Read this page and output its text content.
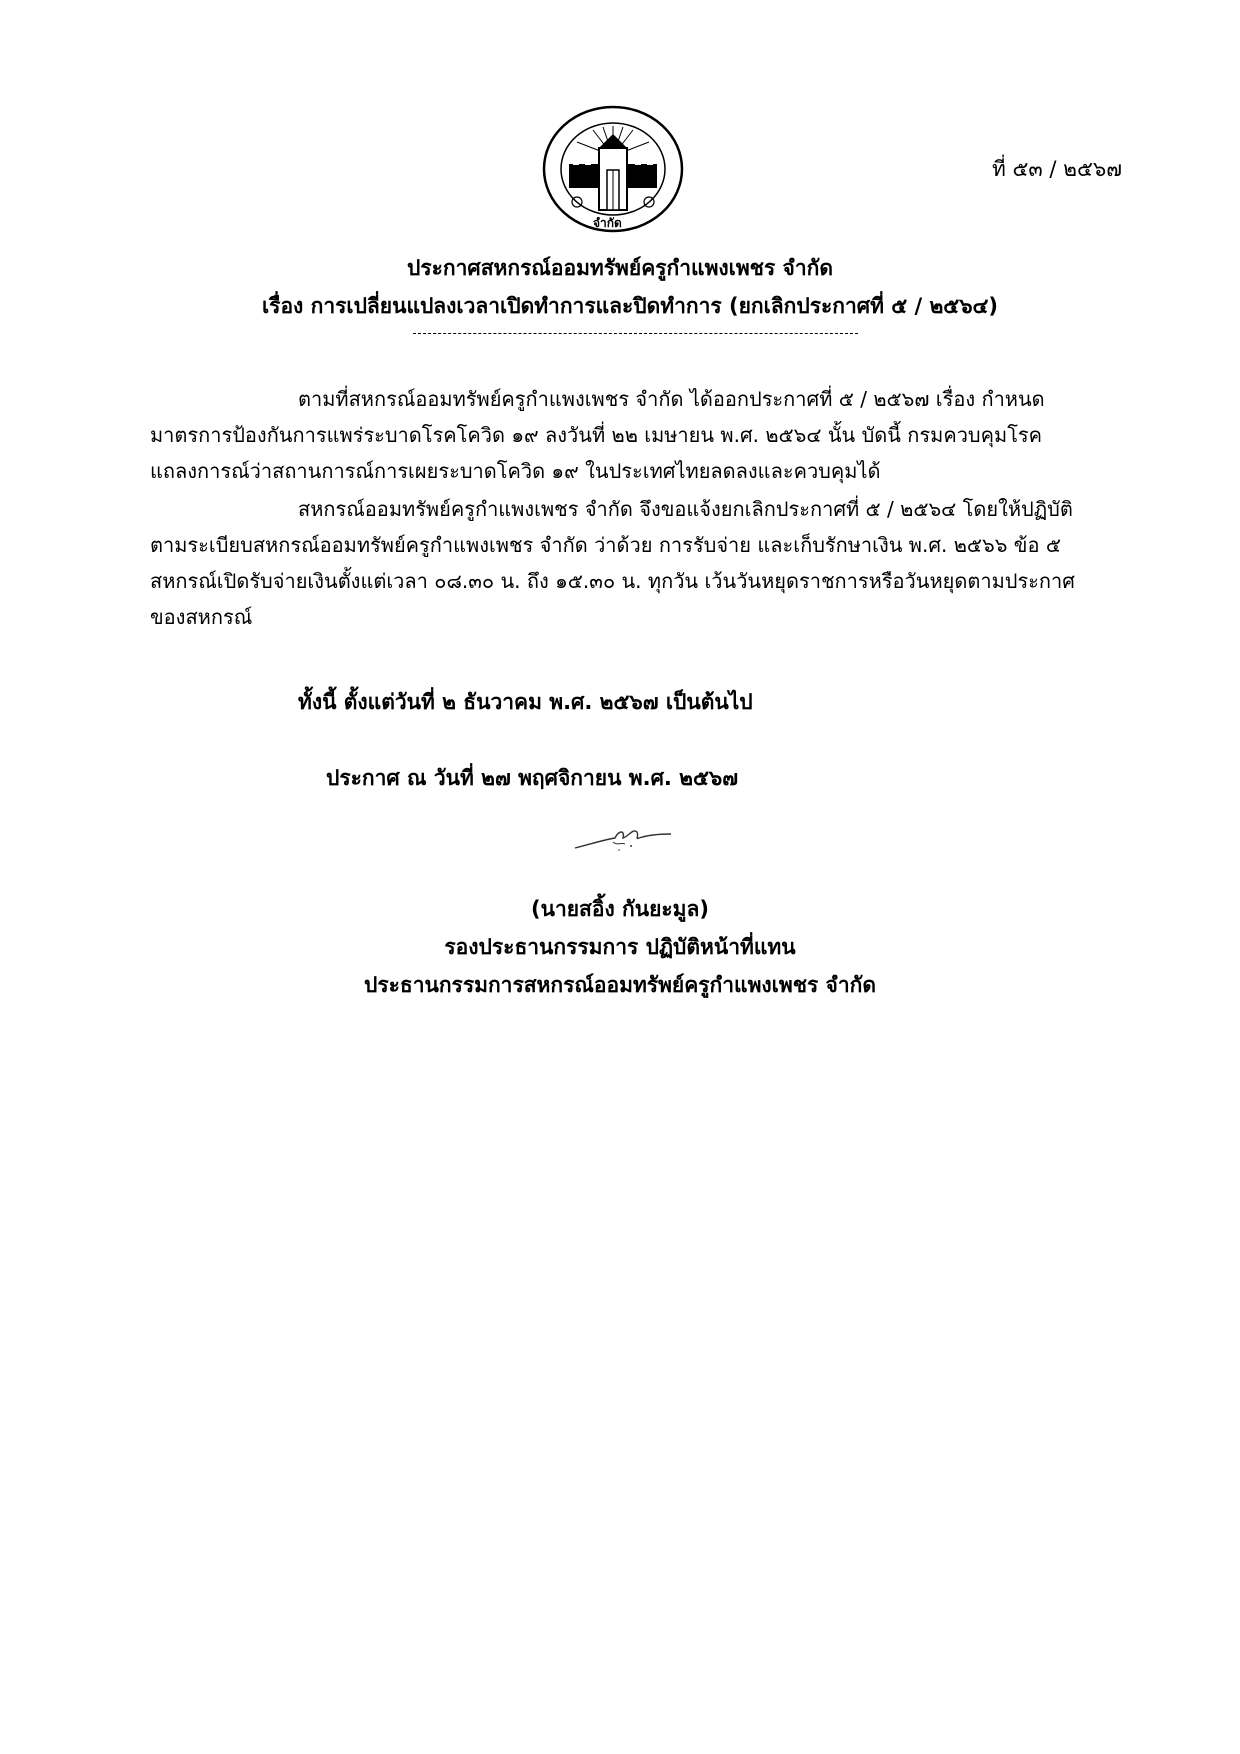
จำกัด
ที่ ๕๓ / ๒๕๖๗
ประกาศสหกรณ์ออมทรัพย์ครูกำแพงเพชร จำกัด
เรื่อง การเปลี่ยนแปลงเวลาเปิดทำการและปิดทำการ (ยกเลิกประกาศที่ ๕ / ๒๕๖๔)
ตามที่สหกรณ์ออมทรัพย์ครูกำแพงเพชร จำกัด ได้ออกประกาศที่ ๕ / ๒๕๖๗ เรื่อง กำหนด
มาตรการป้องกันการแพร่ระบาดโรคโควิด ๑๙ ลงวันที่ ๒๒ เมษายน พ.ศ. ๒๕๖๔ นั้น บัดนี้ กรมควบคุมโรค
แถลงการณ์ว่าสถานการณ์การเผยระบาดโควิด ๑๙ ในประเทศไทยลดลงและควบคุมได้
สหกรณ์ออมทรัพย์ครูกำแพงเพชร จำกัด จึงขอแจ้งยกเลิกประกาศที่ ๕ / ๒๕๖๔ โดยให้ปฏิบัติ
ตามระเบียบสหกรณ์ออมทรัพย์ครูกำแพงเพชร จำกัด ว่าด้วย การรับจ่าย และเก็บรักษาเงิน พ.ศ. ๒๕๖๖ ข้อ ๕
สหกรณ์เปิดรับจ่ายเงินตั้งแต่เวลา ๐๘.๓๐ น. ถึง ๑๕.๓๐ น. ทุกวัน เว้นวันหยุดราชการหรือวันหยุดตามประกาศ
ของสหกรณ์
ทั้งนี้ ตั้งแต่วันที่ ๒ ธันวาคม พ.ศ. ๒๕๖๗ เป็นต้นไป
ประกาศ ณ วันที่ ๒๗ พฤศจิกายน พ.ศ. ๒๕๖๗
(นายสอิ้ง กันยะมูล)
รองประธานกรรมการ ปฏิบัติหน้าที่แทน
ประธานกรรมการสหกรณ์ออมทรัพย์ครูกำแพงเพชร จำกัด
